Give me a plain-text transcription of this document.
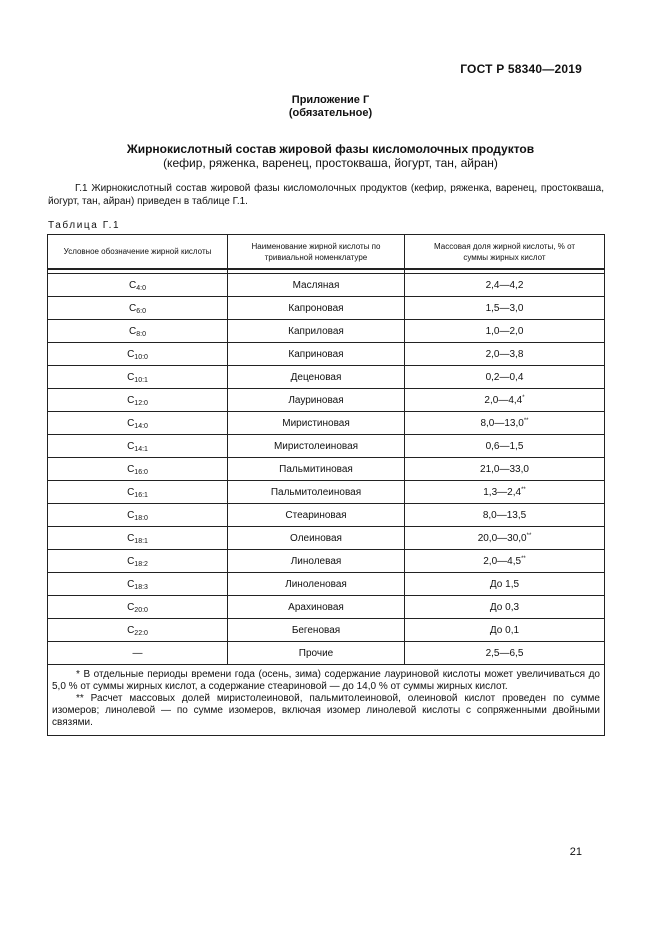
ГОСТ Р 58340—2019
Приложение Г
(обязательное)
Жирнокислотный состав жировой фазы кисломолочных продуктов
(кефир, ряженка, варенец, простокваша, йогурт, тан, айран)
Г.1 Жирнокислотный состав жировой фазы кисломолочных продуктов (кефир, ряженка, варенец, простокваша, йогурт, тан, айран) приведен в таблице Г.1.
Таблица Г.1
Условное обозначение жирной кислоты	Наименование жирной кислоты по тривиальной номенклатуре	Массовая доля жирной кислоты, % от суммы жирных кислот

$C_{4:0}$	Масляная	2,4—4,2
$C_{6:0}$	Капроновая	1,5—3,0
$C_{8:0}$	Каприловая	1,0—2,0
$C_{10:0}$	Каприновая	2,0—3,8
$C_{10:1}$	Деценовая	0,2—0,4
$C_{12:0}$	Лауриновая	2,0—4,4*
$C_{14:0}$	Миристиновая	8,0—13,0**
$C_{14:1}$	Миристолеиновая	0,6—1,5
$C_{16:0}$	Пальмитиновая	21,0—33,0
$C_{16:1}$	Пальмитолеиновая	1,3—2,4**
$C_{18:0}$	Стеариновая	8,0—13,5
$C_{18:1}$	Олеиновая	20,0—30,0**
$C_{18:2}$	Линолевая	2,0—4,5**
$C_{18:3}$	Линоленовая	До 1,5
$C_{20:0}$	Арахиновая	До 0,3
$C_{22:0}$	Бегеновая	До 0,1
—	Прочие	2,5—6,5

* В отдельные периоды времени года (осень, зима) содержание лауриновой кислоты может увеличиваться до 5,0 % от суммы жирных кислот, а содержание стеариновой — до 14,0 % от суммы жирных кислот.

** Расчет массовых долей миристолеиновой, пальмитолеиновой, олеиновой кислот проведен по сумме изомеров; линолевой — по сумме изомеров, включая изомер линолевой кислоты с сопряженными двойными связями.		

21
